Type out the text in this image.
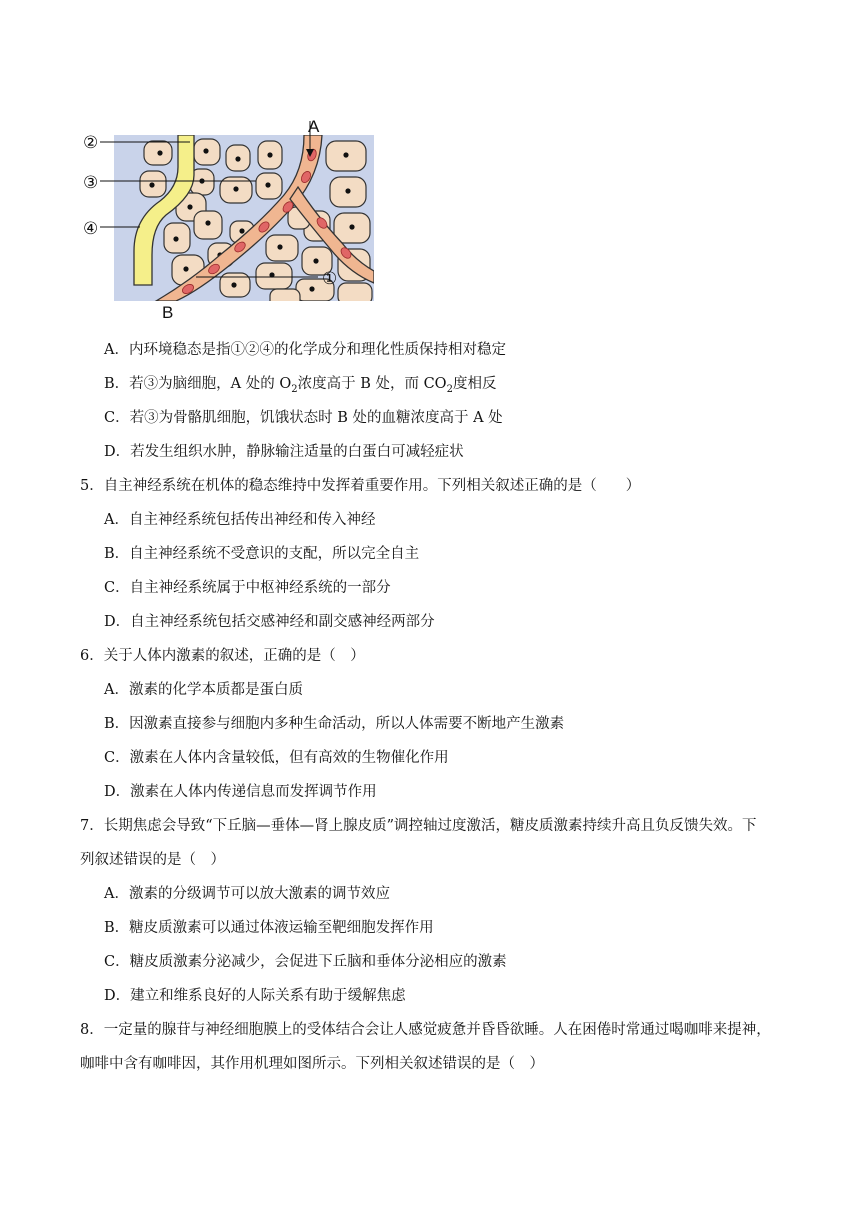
②
③
④
①
A
B
A．内环境稳态是指①②④的化学成分和理化性质保持相对稳定
B．若③为脑细胞，A 处的 $O_2$浓度高于 B 处，而 $CO_2$度相反
C．若③为骨骼肌细胞，饥饿状态时 B 处的血糖浓度高于 A 处
D．若发生组织水肿，静脉输注适量的白蛋白可减轻症状
5．自主神经系统在机体的稳态维持中发挥着重要作用。下列相关叙述正确的是（　　）
A．自主神经系统包括传出神经和传入神经
B．自主神经系统不受意识的支配，所以完全自主
C．自主神经系统属于中枢神经系统的一部分
D．自主神经系统包括交感神经和副交感神经两部分
6．关于人体内激素的叙述，正确的是（　）
A．激素的化学本质都是蛋白质
B．因激素直接参与细胞内多种生命活动，所以人体需要不断地产生激素
C．激素在人体内含量较低，但有高效的生物催化作用
D．激素在人体内传递信息而发挥调节作用
7．长期焦虑会导致“下丘脑—垂体—肾上腺皮质”调控轴过度激活，糖皮质激素持续升高且负反馈失效。下
列叙述错误的是（　）
A．激素的分级调节可以放大激素的调节效应
B．糖皮质激素可以通过体液运输至靶细胞发挥作用
C．糖皮质激素分泌减少，会促进下丘脑和垂体分泌相应的激素
D．建立和维系良好的人际关系有助于缓解焦虑
8．一定量的腺苷与神经细胞膜上的受体结合会让人感觉疲惫并昏昏欲睡。人在困倦时常通过喝咖啡来提神，
咖啡中含有咖啡因，其作用机理如图所示。下列相关叙述错误的是（　）
